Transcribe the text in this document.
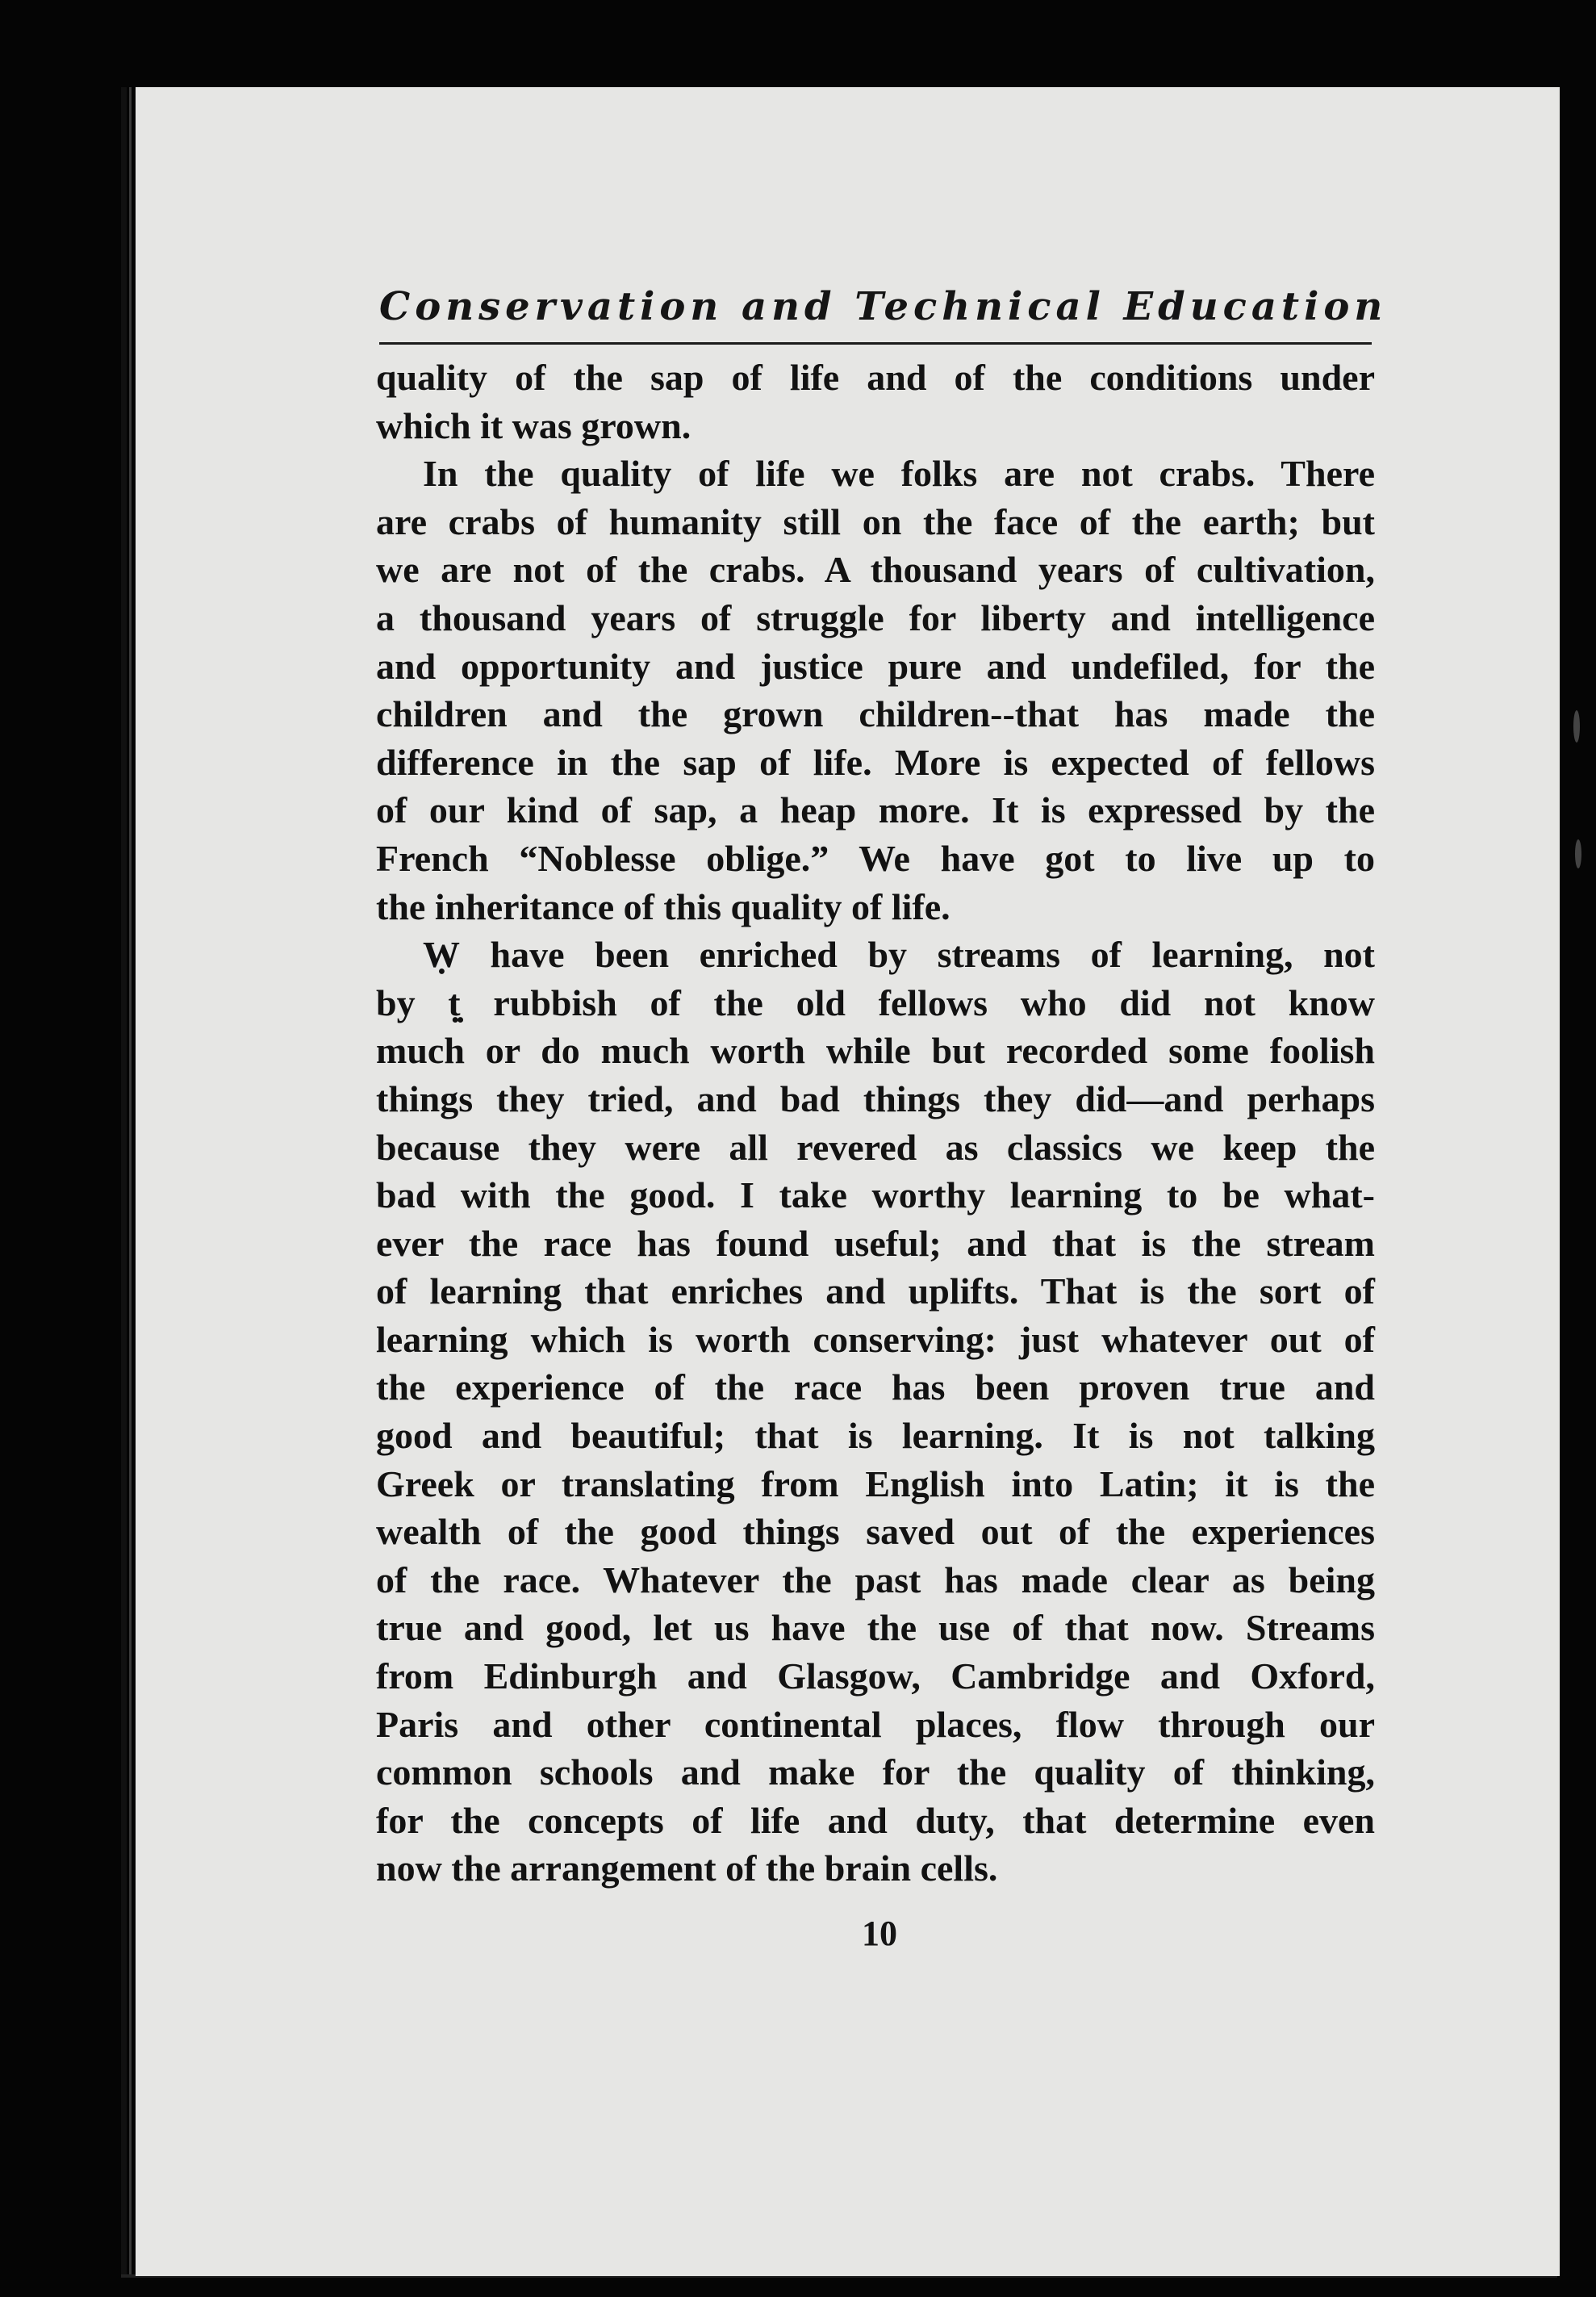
Conservation and Technical Education

quality of the sap of life and of the conditions under
which it was grown.

In the quality of life we folks are not crabs. There
are crabs of humanity still on the face of the earth; but
we are not of the crabs. A thousand years of cultivation,
a thousand years of struggle for liberty and intelligence
and opportunity and justice pure and undefiled, for the
children and the grown children--that has made the
difference in the sap of life. More is expected of fellows
of our kind of sap, a heap more. It is expressed by the
French “Noblesse oblige.” We have got to live up to
the inheritance of this quality of life.

Ẉ have been enriched by streams of learning, not
by ṭ̣ rubbish of the old fellows who did not know
much or do much worth while but recorded some foolish
things they tried, and bad things they did—and perhaps
because they were all revered as classics we keep the
bad with the good. I take worthy learning to be what-
ever the race has found useful; and that is the stream
of learning that enriches and uplifts. That is the sort of
learning which is worth conserving: just whatever out of
the experience of the race has been proven true and
good and beautiful; that is learning. It is not talking
Greek or translating from English into Latin; it is the
wealth of the good things saved out of the experiences
of the race. Whatever the past has made clear as being
true and good, let us have the use of that now. Streams
from Edinburgh and Glasgow, Cambridge and Oxford,
Paris and other continental places, flow through our
common schools and make for the quality of thinking,
for the concepts of life and duty, that determine even
now the arrangement of the brain cells.

10
